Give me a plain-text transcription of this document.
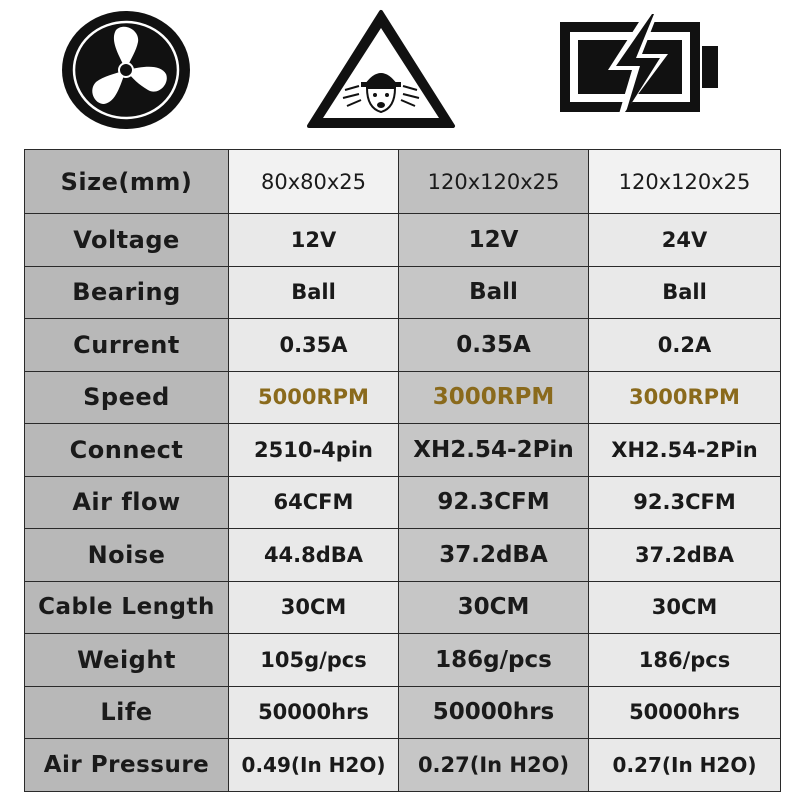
Size(mm)	80x80x25	120x120x25	120x120x25
Voltage	12V	12V	24V
Bearing	Ball	Ball	Ball
Current	0.35A	0.35A	0.2A
Speed	5000RPM	3000RPM	3000RPM
Connect	2510-4pin	XH2.54-2Pin	XH2.54-2Pin
Air flow	64CFM	92.3CFM	92.3CFM
Noise	44.8dBA	37.2dBA	37.2dBA
Cable Length	30CM	30CM	30CM
Weight	105g/pcs	186g/pcs	186/pcs
Life	50000hrs	50000hrs	50000hrs
Air Pressure	0.49(In H2O)	0.27(In H2O)	0.27(In H2O)
